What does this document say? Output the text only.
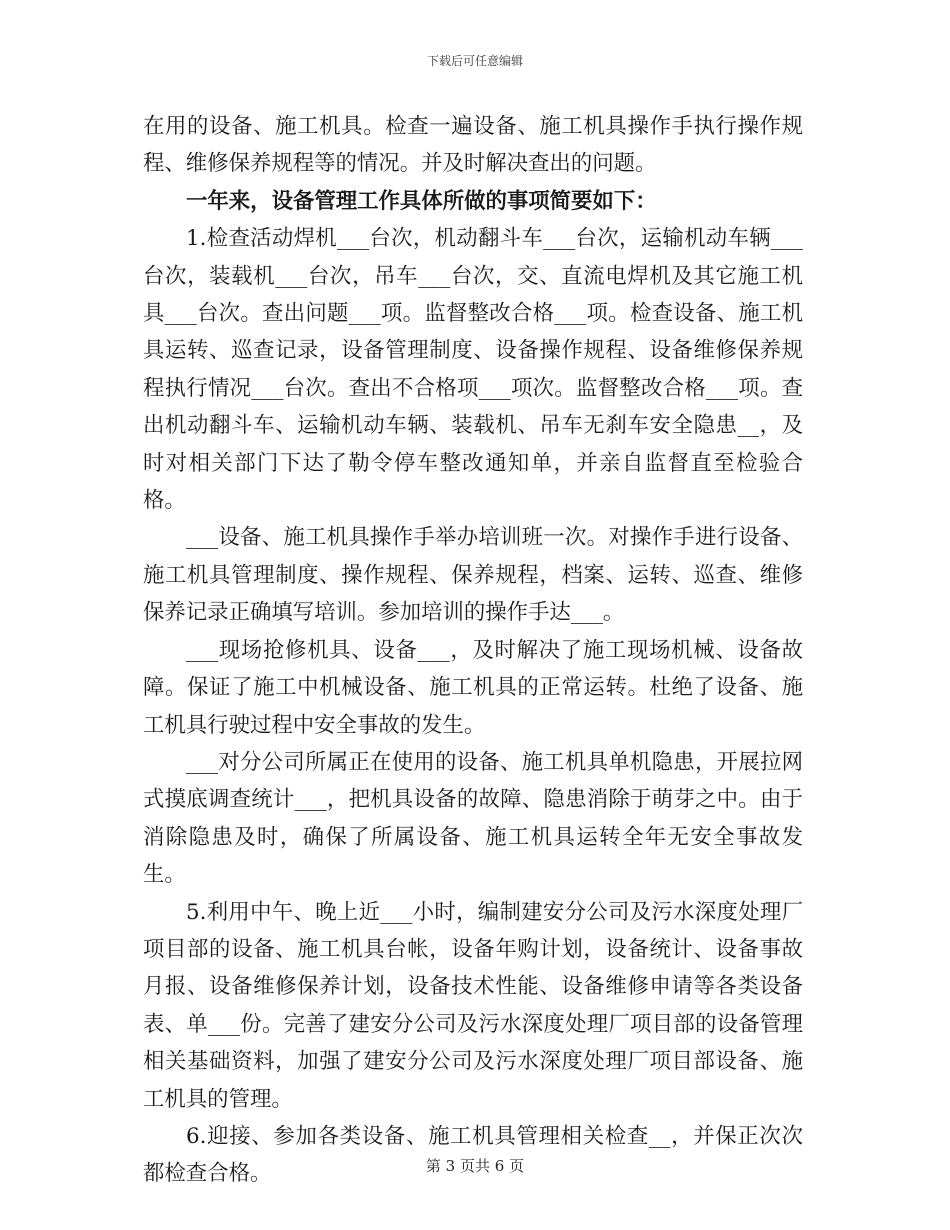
下载后可任意编辑

在用的设备、施工机具。检查一遍设备、施工机具操作手执行操作规程、维修保养规程等的情况。并及时解决查出的问题。

一年来，设备管理工作具体所做的事项简要如下：

1.检查活动焊机___台次，机动翻斗车___台次，运输机动车辆___台次，装载机___台次，吊车___台次，交、直流电焊机及其它施工机具___台次。查出问题___项。监督整改合格___项。检查设备、施工机具运转、巡查记录，设备管理制度、设备操作规程、设备维修保养规程执行情况___台次。查出不合格项___项次。监督整改合格___项。查出机动翻斗车、运输机动车辆、装载机、吊车无刹车安全隐患__，及时对相关部门下达了勒令停车整改通知单，并亲自监督直至检验合格。

___设备、施工机具操作手举办培训班一次。对操作手进行设备、施工机具管理制度、操作规程、保养规程，档案、运转、巡查、维修保养记录正确填写培训。参加培训的操作手达___。

___现场抢修机具、设备___，及时解决了施工现场机械、设备故障。保证了施工中机械设备、施工机具的正常运转。杜绝了设备、施工机具行驶过程中安全事故的发生。

___对分公司所属正在使用的设备、施工机具单机隐患，开展拉网式摸底调查统计___，把机具设备的故障、隐患消除于萌芽之中。由于消除隐患及时，确保了所属设备、施工机具运转全年无安全事故发生。

5.利用中午、晚上近___小时，编制建安分公司及污水深度处理厂项目部的设备、施工机具台帐，设备年购计划，设备统计、设备事故月报、设备维修保养计划，设备技术性能、设备维修申请等各类设备表、单___份。完善了建安分公司及污水深度处理厂项目部的设备管理相关基础资料，加强了建安分公司及污水深度处理厂项目部设备、施工机具的管理。

6.迎接、参加各类设备、施工机具管理相关检查__，并保正次次都检查合格。	第 3 页共 6 页
